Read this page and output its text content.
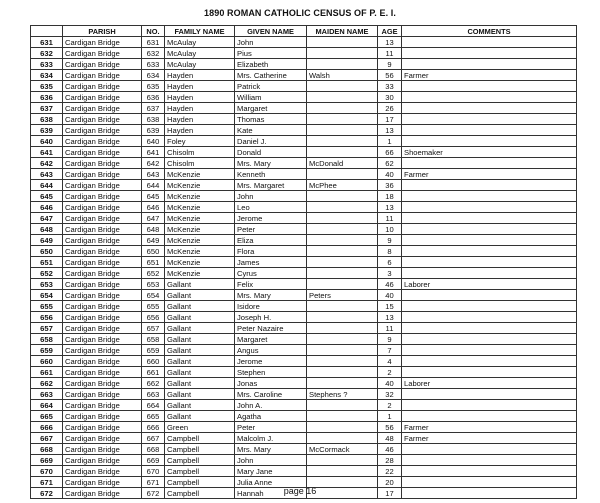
1890 ROMAN CATHOLIC CENSUS OF P. E. I.
	PARISH	NO.	FAMILY NAME	GIVEN NAME	MAIDEN NAME	AGE	COMMENTS
631	Cardigan Bridge	631	McAulay	John		13	
632	Cardigan Bridge	632	McAulay	Pius		11	
633	Cardigan Bridge	633	McAulay	Elizabeth		9	
634	Cardigan Bridge	634	Hayden	Mrs. Catherine	Walsh	56	Farmer
635	Cardigan Bridge	635	Hayden	Patrick		33	
636	Cardigan Bridge	636	Hayden	William		30	
637	Cardigan Bridge	637	Hayden	Margaret		26	
638	Cardigan Bridge	638	Hayden	Thomas		17	
639	Cardigan Bridge	639	Hayden	Kate		13	
640	Cardigan Bridge	640	Foley	Daniel J.		1	
641	Cardigan Bridge	641	Chisolm	Donald		66	Shoemaker
642	Cardigan Bridge	642	Chisolm	Mrs. Mary	McDonald	62	
643	Cardigan Bridge	643	McKenzie	Kenneth		40	Farmer
644	Cardigan Bridge	644	McKenzie	Mrs. Margaret	McPhee	36	
645	Cardigan Bridge	645	McKenzie	John		18	
646	Cardigan Bridge	646	McKenzie	Leo		13	
647	Cardigan Bridge	647	McKenzie	Jerome		11	
648	Cardigan Bridge	648	McKenzie	Peter		10	
649	Cardigan Bridge	649	McKenzie	Eliza		9	
650	Cardigan Bridge	650	McKenzie	Flora		8	
651	Cardigan Bridge	651	McKenzie	James		6	
652	Cardigan Bridge	652	McKenzie	Cyrus		3	
653	Cardigan Bridge	653	Gallant	Felix		46	Laborer
654	Cardigan Bridge	654	Gallant	Mrs. Mary	Peters	40	
655	Cardigan Bridge	655	Gallant	Isidore		15	
656	Cardigan Bridge	656	Gallant	Joseph H.		13	
657	Cardigan Bridge	657	Gallant	Peter Nazaire		11	
658	Cardigan Bridge	658	Gallant	Margaret		9	
659	Cardigan Bridge	659	Gallant	Angus		7	
660	Cardigan Bridge	660	Gallant	Jerome		4	
661	Cardigan Bridge	661	Gallant	Stephen		2	
662	Cardigan Bridge	662	Gallant	Jonas		40	Laborer
663	Cardigan Bridge	663	Gallant	Mrs. Caroline	Stephens ?	32	
664	Cardigan Bridge	664	Gallant	John A.		2	
665	Cardigan Bridge	665	Gallant	Agatha		1	
666	Cardigan Bridge	666	Green	Peter		56	Farmer
667	Cardigan Bridge	667	Campbell	Malcolm J.		48	Farmer
668	Cardigan Bridge	668	Campbell	Mrs. Mary	McCormack	46	
669	Cardigan Bridge	669	Campbell	John		28	
670	Cardigan Bridge	670	Campbell	Mary Jane		22	
671	Cardigan Bridge	671	Campbell	Julia Anne		20	
672	Cardigan Bridge	672	Campbell	Hannah		17	
page 16
